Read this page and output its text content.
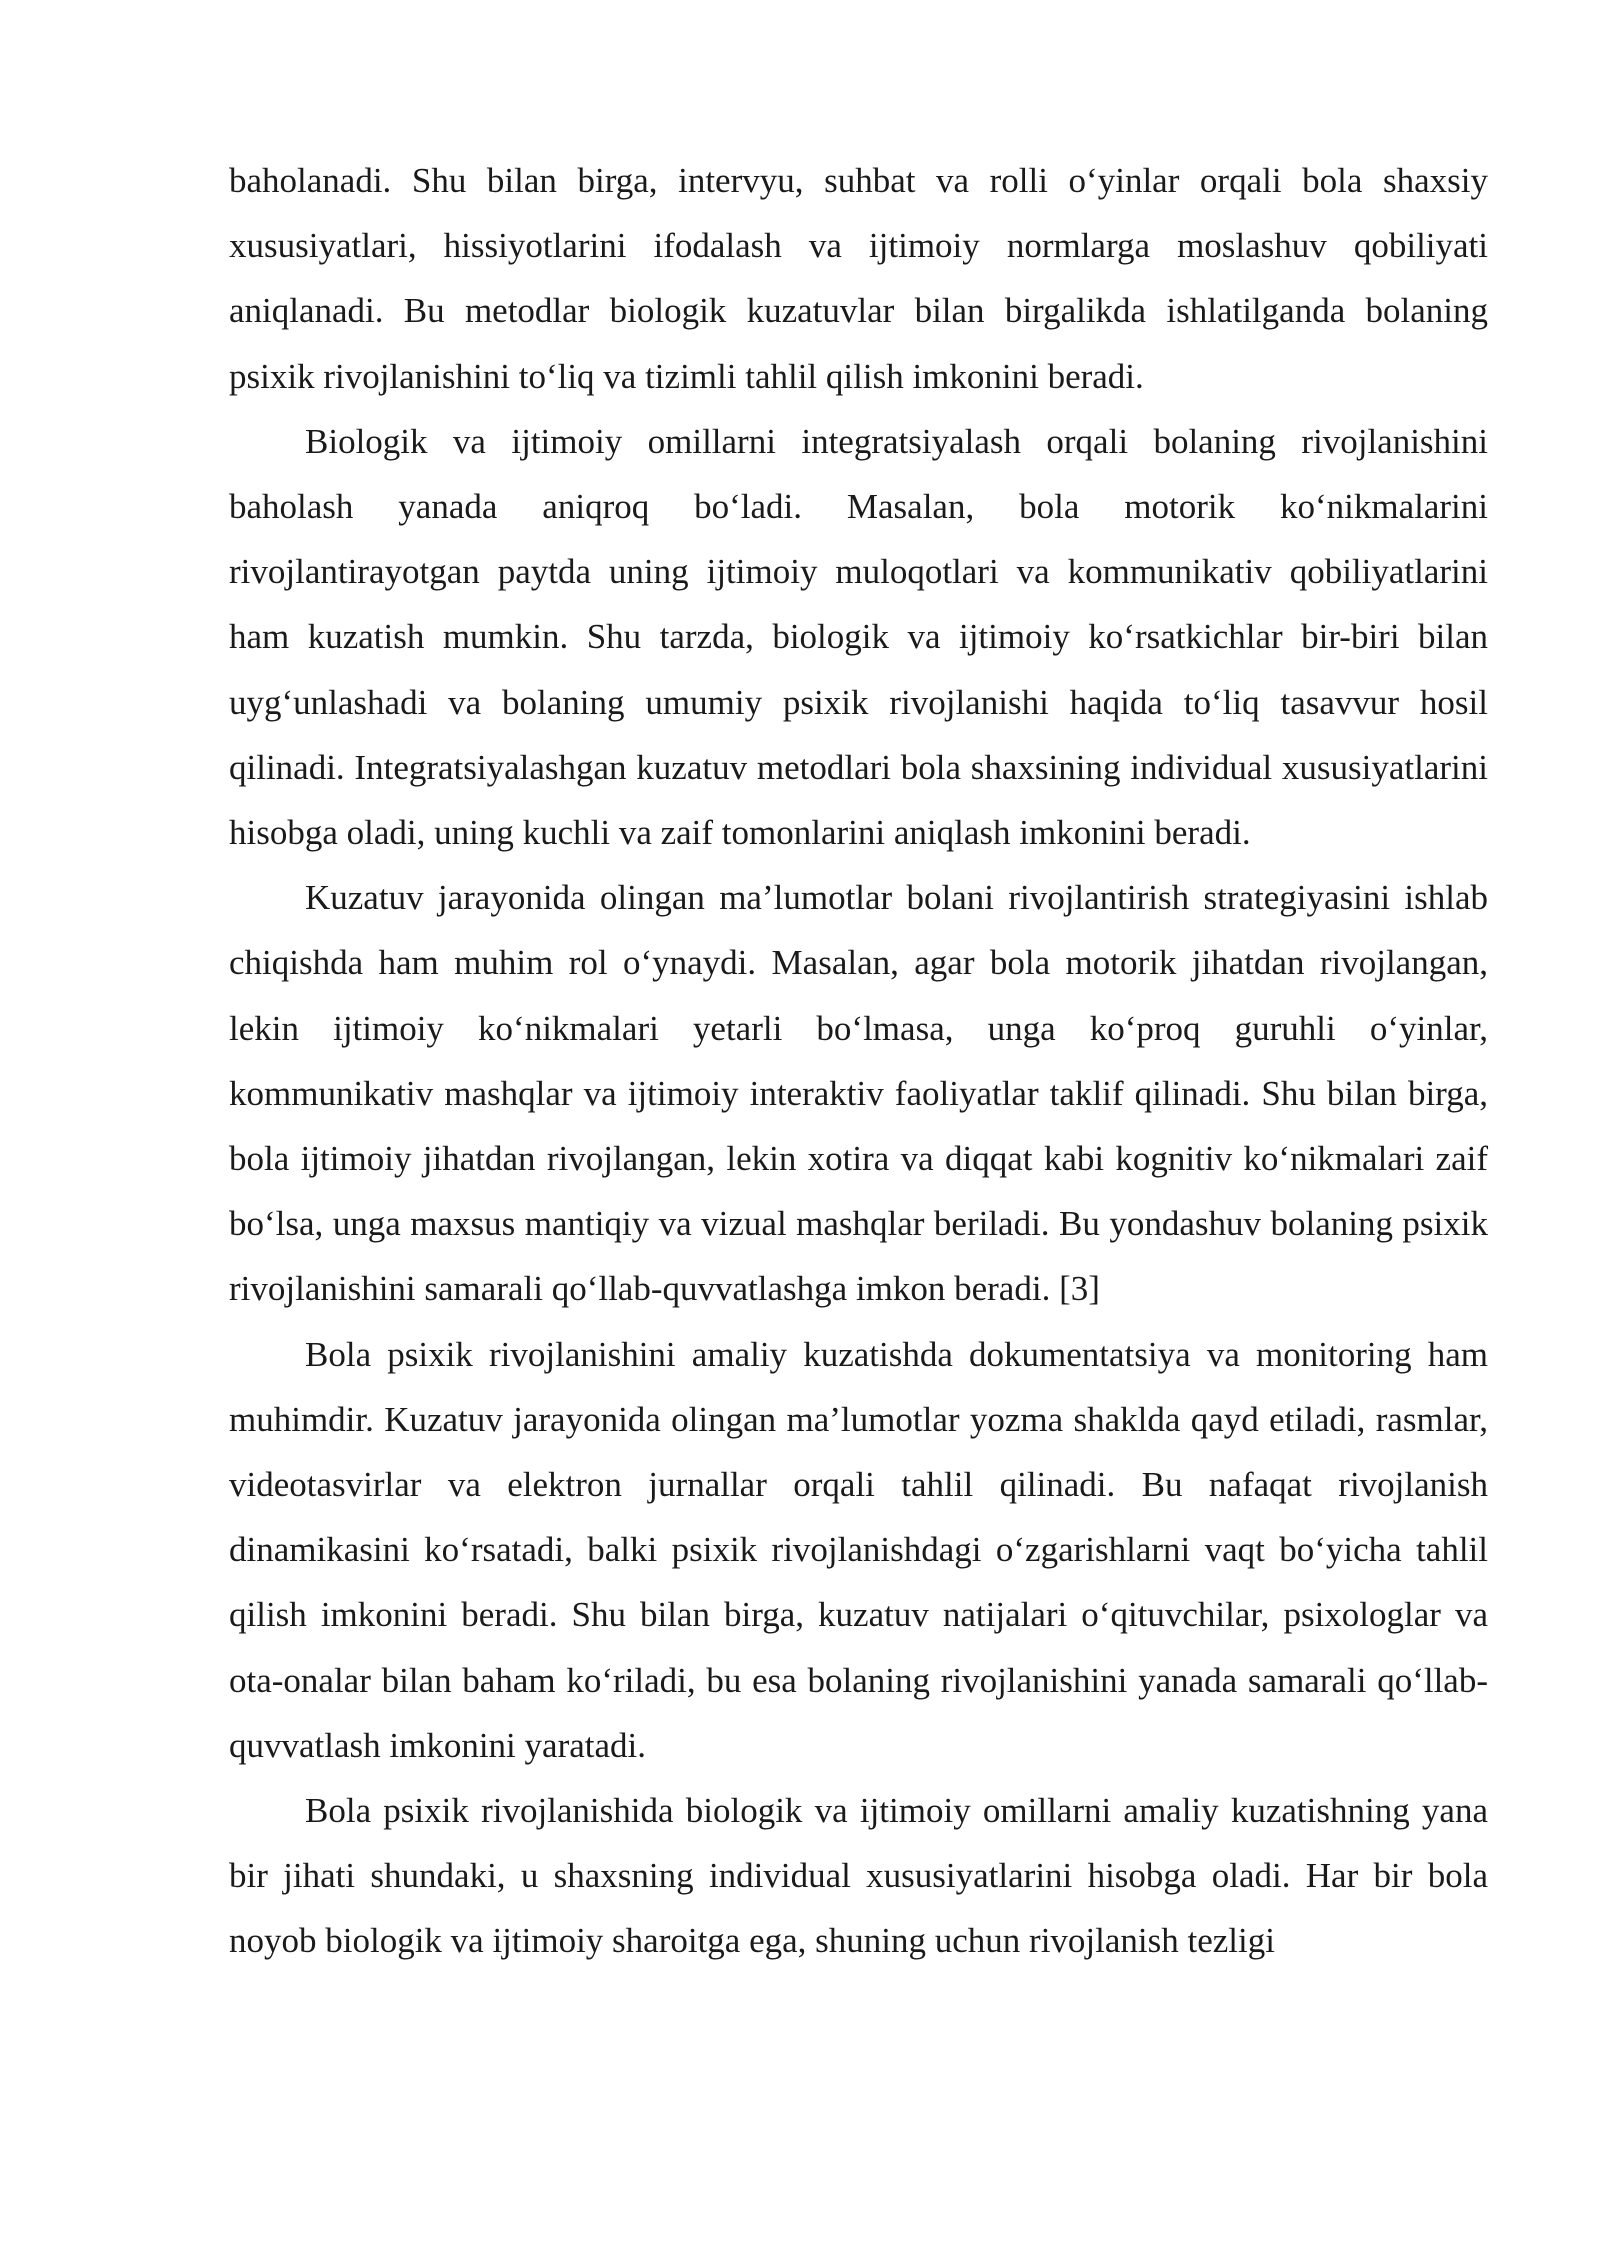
baholanadi. Shu bilan birga, intervyu, suhbat va rolli o‘yinlar orqali bola shaxsiy xususiyatlari, hissiyotlarini ifodalash va ijtimoiy normlarga moslashuv qobiliyati aniqlanadi. Bu metodlar biologik kuzatuvlar bilan birgalikda ishlatilganda bolaning psixik rivojlanishini to‘liq va tizimli tahlil qilish imkonini beradi.

Biologik va ijtimoiy omillarni integratsiyalash orqali bolaning rivojlanishini baholash yanada aniqroq bo‘ladi. Masalan, bola motorik ko‘nikmalarini rivojlantirayotgan paytda uning ijtimoiy muloqotlari va kommunikativ qobiliyatlarini ham kuzatish mumkin. Shu tarzda, biologik va ijtimoiy ko‘rsatkichlar bir-biri bilan uyg‘unlashadi va bolaning umumiy psixik rivojlanishi haqida to‘liq tasavvur hosil qilinadi. Integratsiyalashgan kuzatuv metodlari bola shaxsining individual xususiyatlarini hisobga oladi, uning kuchli va zaif tomonlarini aniqlash imkonini beradi.

Kuzatuv jarayonida olingan ma’lumotlar bolani rivojlantirish strategiyasini ishlab chiqishda ham muhim rol o‘ynaydi. Masalan, agar bola motorik jihatdan rivojlangan, lekin ijtimoiy ko‘nikmalari yetarli bo‘lmasa, unga ko‘proq guruhli o‘yinlar, kommunikativ mashqlar va ijtimoiy interaktiv faoliyatlar taklif qilinadi. Shu bilan birga, bola ijtimoiy jihatdan rivojlangan, lekin xotira va diqqat kabi kognitiv ko‘nikmalari zaif bo‘lsa, unga maxsus mantiqiy va vizual mashqlar beriladi. Bu yondashuv bolaning psixik rivojlanishini samarali qo‘llab-quvvatlashga imkon beradi. [3]

Bola psixik rivojlanishini amaliy kuzatishda dokumentatsiya va monitoring ham muhimdir. Kuzatuv jarayonida olingan ma’lumotlar yozma shaklda qayd etiladi, rasmlar, videotasvirlar va elektron jurnallar orqali tahlil qilinadi. Bu nafaqat rivojlanish dinamikasini ko‘rsatadi, balki psixik rivojlanishdagi o‘zgarishlarni vaqt bo‘yicha tahlil qilish imkonini beradi. Shu bilan birga, kuzatuv natijalari o‘qituvchilar, psixologlar va ota-onalar bilan baham ko‘riladi, bu esa bolaning rivojlanishini yanada samarali qo‘llab-quvvatlash imkonini yaratadi.

Bola psixik rivojlanishida biologik va ijtimoiy omillarni amaliy kuzatishning yana bir jihati shundaki, u shaxsning individual xususiyatlarini hisobga oladi. Har bir bola noyob biologik va ijtimoiy sharoitga ega, shuning uchun rivojlanish tezligi
